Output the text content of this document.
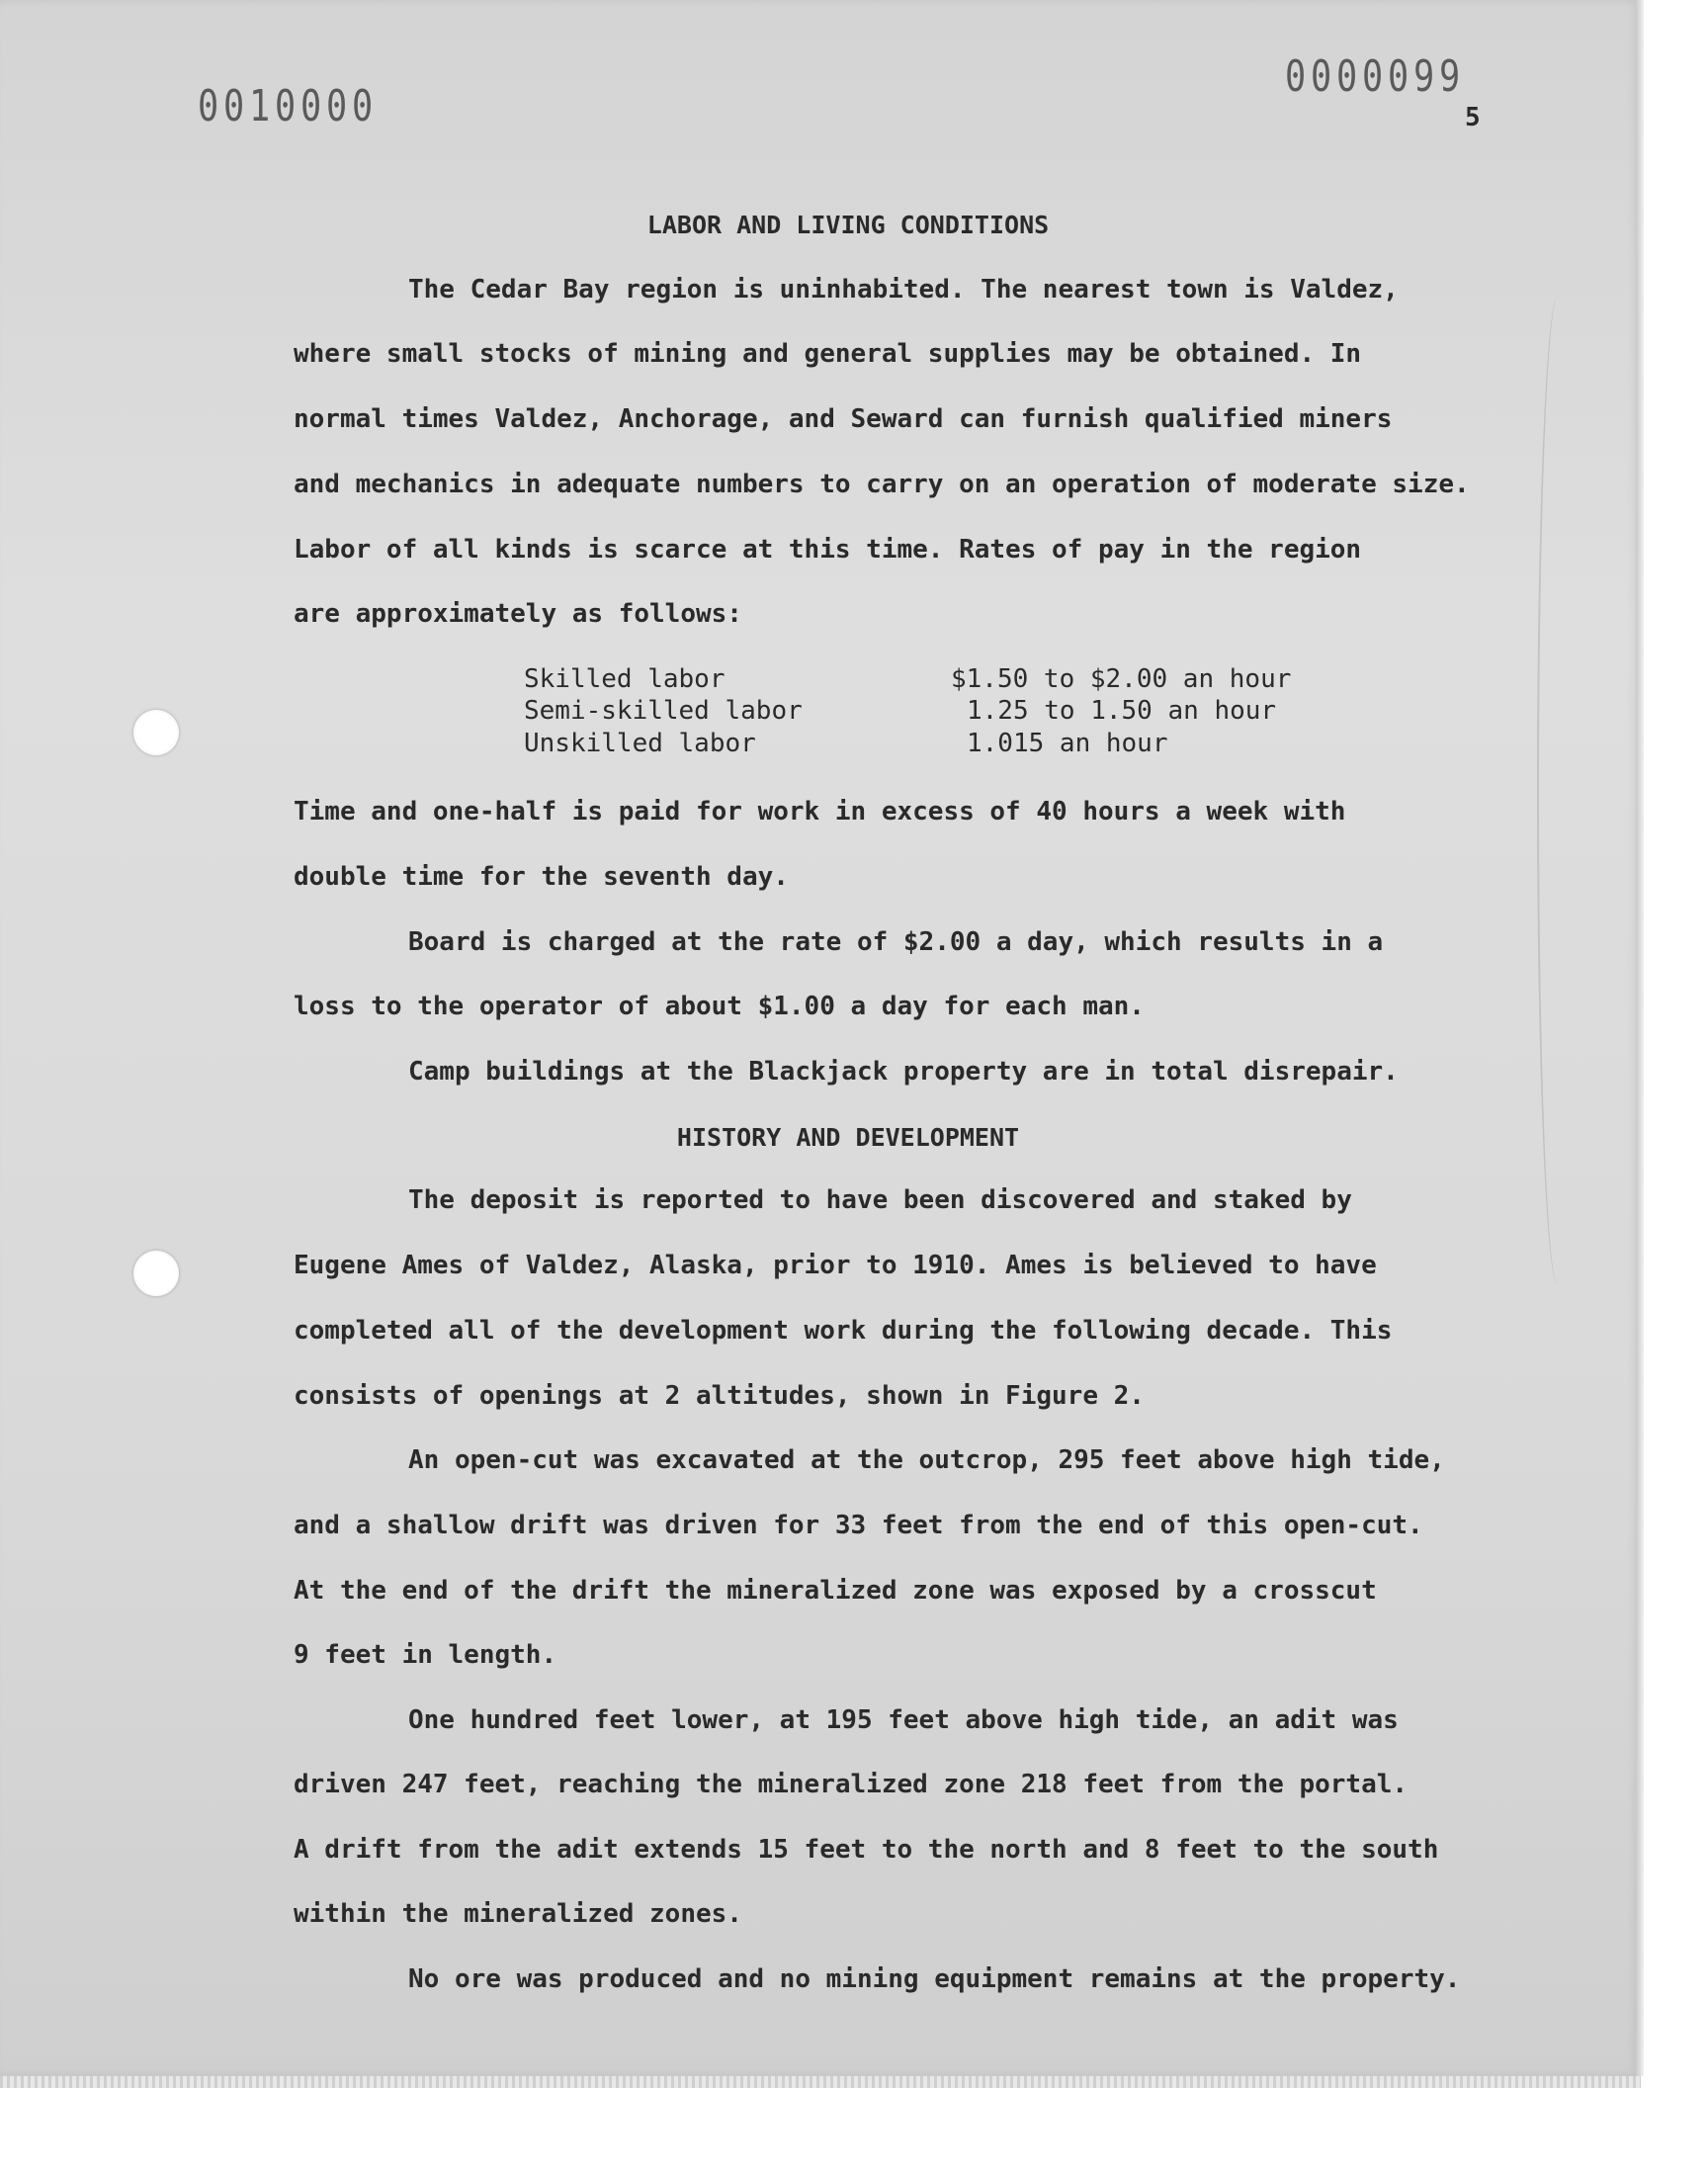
0010000
0000099
5
LABOR AND LIVING CONDITIONS
The Cedar Bay region is uninhabited. The nearest town is Valdez,
where small stocks of mining and general supplies may be obtained. In
normal times Valdez, Anchorage, and Seward can furnish qualified miners
and mechanics in adequate numbers to carry on an operation of moderate size.
Labor of all kinds is scarce at this time. Rates of pay in the region
are approximately as follows:
Skilled labor	$1.50 to $2.00 an hour
Semi-skilled labor	1.25 to 1.50 an hour
Unskilled labor	1.015 an hour
Time and one-half is paid for work in excess of 40 hours a week with
double time for the seventh day.
Board is charged at the rate of $2.00 a day, which results in a
loss to the operator of about $1.00 a day for each man.
Camp buildings at the Blackjack property are in total disrepair.
HISTORY AND DEVELOPMENT
The deposit is reported to have been discovered and staked by
Eugene Ames of Valdez, Alaska, prior to 1910. Ames is believed to have
completed all of the development work during the following decade. This
consists of openings at 2 altitudes, shown in Figure 2.
An open-cut was excavated at the outcrop, 295 feet above high tide,
and a shallow drift was driven for 33 feet from the end of this open-cut.
At the end of the drift the mineralized zone was exposed by a crosscut
9 feet in length.
One hundred feet lower, at 195 feet above high tide, an adit was
driven 247 feet, reaching the mineralized zone 218 feet from the portal.
A drift from the adit extends 15 feet to the north and 8 feet to the south
within the mineralized zones.
No ore was produced and no mining equipment remains at the property.
